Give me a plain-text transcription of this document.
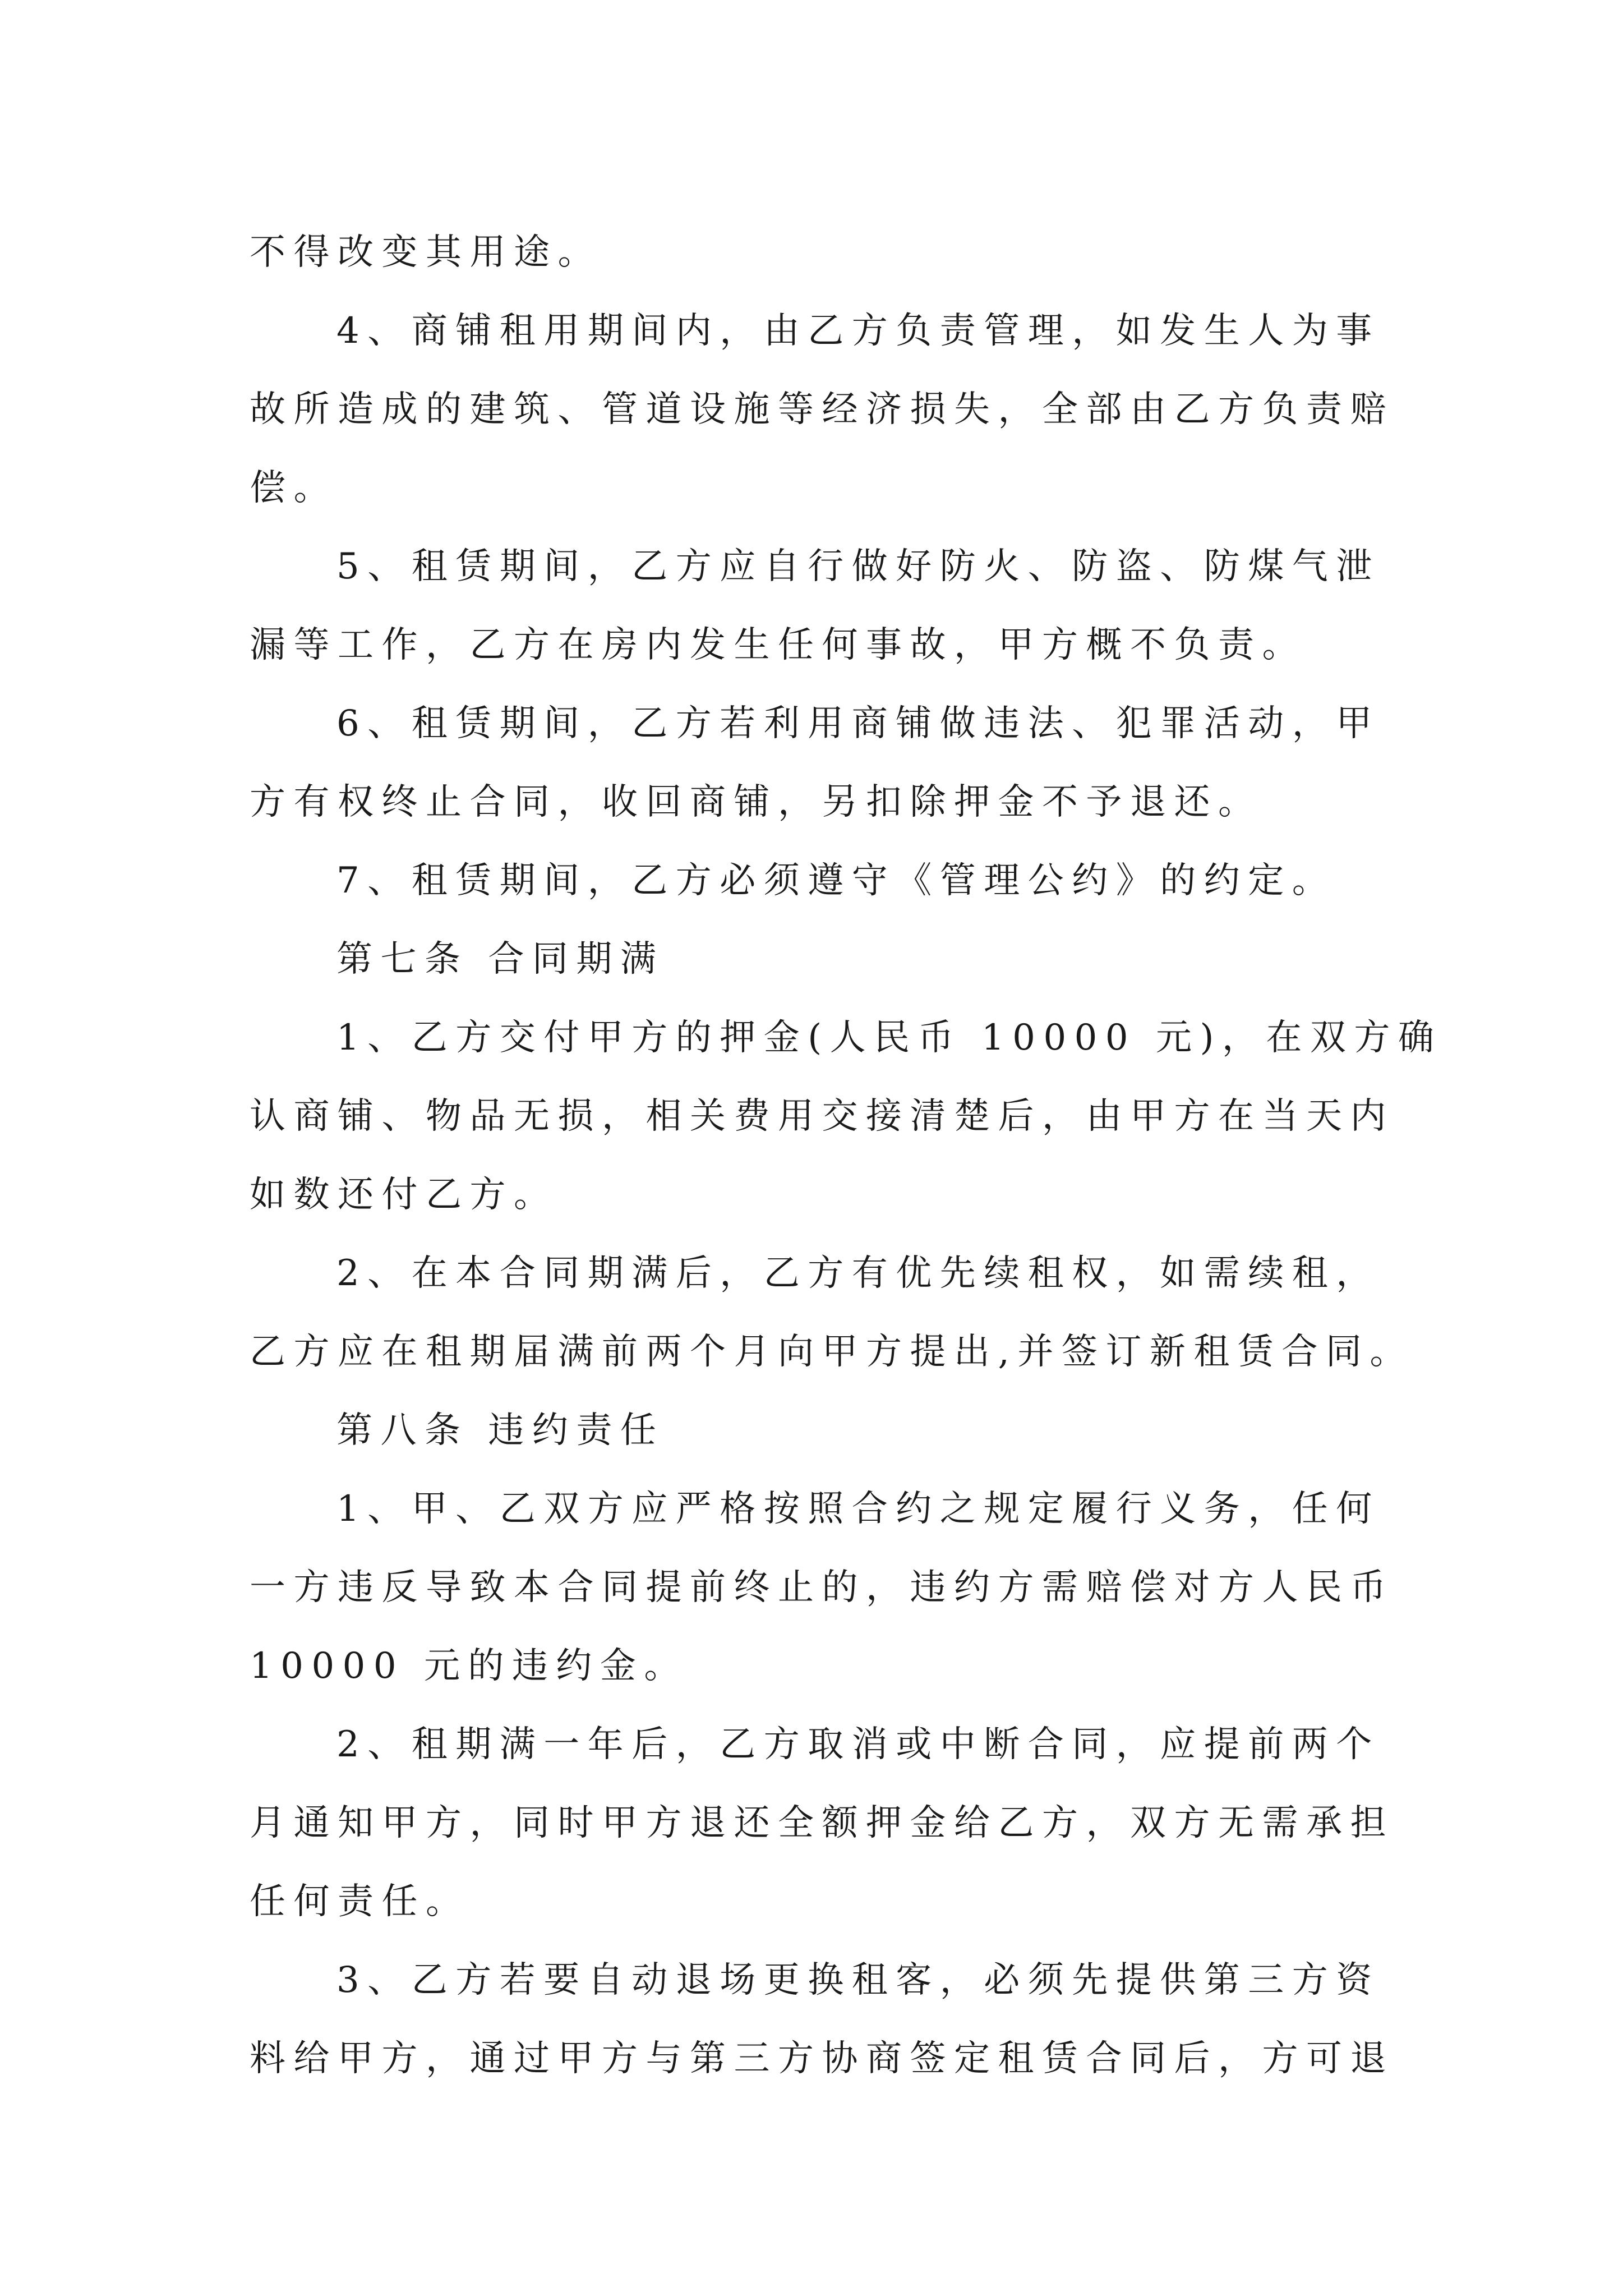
不得改变其用途。
4、商铺租用期间内，由乙方负责管理，如发生人为事
故所造成的建筑、管道设施等经济损失，全部由乙方负责赔
偿。
5、租赁期间，乙方应自行做好防火、防盗、防煤气泄
漏等工作，乙方在房内发生任何事故，甲方概不负责。
6、租赁期间，乙方若利用商铺做违法、犯罪活动，甲
方有权终止合同，收回商铺，另扣除押金不予退还。
7、租赁期间，乙方必须遵守《管理公约》的约定。
第七条 合同期满
1、乙方交付甲方的押金(人民币 10000 元)，在双方确
认商铺、物品无损，相关费用交接清楚后，由甲方在当天内
如数还付乙方。
2、在本合同期满后，乙方有优先续租权，如需续租，
乙方应在租期届满前两个月向甲方提出,并签订新租赁合同。
第八条 违约责任
1、甲、乙双方应严格按照合约之规定履行义务，任何
一方违反导致本合同提前终止的，违约方需赔偿对方人民币
10000 元的违约金。
2、租期满一年后，乙方取消或中断合同，应提前两个
月通知甲方，同时甲方退还全额押金给乙方，双方无需承担
任何责任。
3、乙方若要自动退场更换租客，必须先提供第三方资
料给甲方，通过甲方与第三方协商签定租赁合同后，方可退
